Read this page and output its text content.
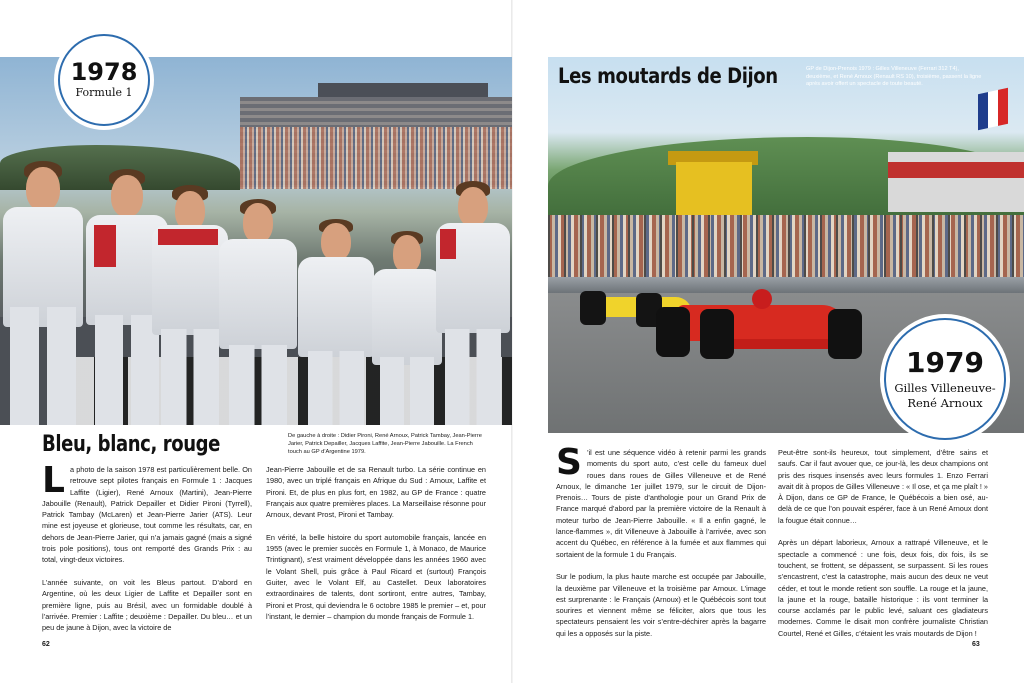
1978
Formule 1
Les moutards de Dijon	GP de Dijon-Prenois 1979 : Gilles Villeneuve (Ferrari 312 T4), deuxième, et René Arnoux (Renault RS 10), troisième, passent la ligne après avoir offert un spectacle de toute beauté.
1979
Gilles Villeneuve-
René Arnoux
Bleu, blanc, rouge	De gauche à droite : Didier Pironi, René Arnoux, Patrick Tambay, Jean-Pierre Jarier, Patrick Depailler, Jacques Laffite, Jean-Pierre Jabouille. La French touch au GP d’Argentine 1979.

La photo de la saison 1978 est particulièrement belle. On retrouve sept pilotes français en Formule 1 : Jacques Laffite (Ligier), René Arnoux (Martini), Jean-Pierre Jabouille (Renault), Patrick Depailler et Didier Pironi (Tyrrell), Patrick Tambay (McLaren) et Jean-Pierre Jarier (ATS). Leur mine est joyeuse et glorieuse, tout comme les résultats, car, en dehors de Jean-Pierre Jarier, qui n’a jamais gagné (mais a signé trois pole positions), tous ont remporté des Grands Prix : au total, vingt-deux victoires.

L’année suivante, on voit les Bleus partout. D’abord en Argentine, où les deux Ligier de Laffite et Depailler sont en première ligne, puis au Brésil, avec un formidable doublé à l’arrivée. Premier : Laffite ; deuxième : Depailler. Du bleu… et un peu de jaune à Dijon, avec la victoire de

Jean-Pierre Jabouille et de sa Renault turbo. La série continue en 1980, avec un triplé français en Afrique du Sud : Arnoux, Laffite et Pironi. Et, de plus en plus fort, en 1982, au GP de France : quatre Français aux quatre premières places. La Marseillaise résonne pour Arnoux, devant Prost, Pironi et Tambay.

En vérité, la belle histoire du sport automobile français, lancée en 1955 (avec le premier succès en Formule 1, à Monaco, de Maurice Trintignant), s’est vraiment développée dans les années 1960 avec le Volant Shell, puis grâce à Paul Ricard et (surtout) François Guiter, avec le Volant Elf, au Castellet. Deux laboratoires extraordinaires de talents, dont sortiront, entre autres, Tambay, Pironi et Prost, qui deviendra le 6 octobre 1985 le premier – et, pour l’instant, le dernier – champion du monde français de Formule 1.

S ’il est une séquence vidéo à retenir parmi les grands moments du sport auto, c’est celle du fameux duel roues dans roues de Gilles Villeneuve et de René Arnoux, le dimanche 1er juillet 1979, sur le circuit de Dijon-Prenois… Tours de piste d’anthologie pour un Grand Prix de France marqué d’abord par la première victoire de la Renault à moteur turbo de Jean-Pierre Jabouille. « Il a enfin gagné, le lance-flammes », dit Villeneuve à Jabouille à l’arrivée, avec son accent du Québec, en référence à la fumée et aux flammes qui sortaient de la formule 1 du Français.

Sur le podium, la plus haute marche est occupée par Jabouille, la deuxième par Villeneuve et la troisième par Arnoux. L’image est surprenante : le Français (Arnoux) et le Québécois sont tout sourires et viennent même se féliciter, alors que tous les spectateurs pensaient les voir s’entre-déchirer après la bagarre qui les a opposés sur la piste.

Peut-être sont-ils heureux, tout simplement, d’être sains et saufs. Car il faut avouer que, ce jour-là, les deux champions ont pris des risques insensés avec leurs formules 1. Enzo Ferrari avait dit à propos de Gilles Villeneuve : « Il ose, et ça me plaît ! » À Dijon, dans ce GP de France, le Québécois a bien osé, au-delà de ce que l’on pouvait espérer, face à un René Arnoux dont la fougue était connue…

Après un départ laborieux, Arnoux a rattrapé Villeneuve, et le spectacle a commencé : une fois, deux fois, dix fois, ils se touchent, se frottent, se dépassent, se surpassent. Si les roues s’encastrent, c’est la catastrophe, mais aucun des deux ne veut céder, et tout le monde retient son souffle. La rouge et la jaune, la jaune et la rouge, bataille historique : ils vont terminer la course acclamés par le public levé, saluant ces gladiateurs modernes. Comme le disait mon confrère journaliste Christian Courtel, René et Gilles, c’étaient les vrais moutards de Dijon !

62	63
